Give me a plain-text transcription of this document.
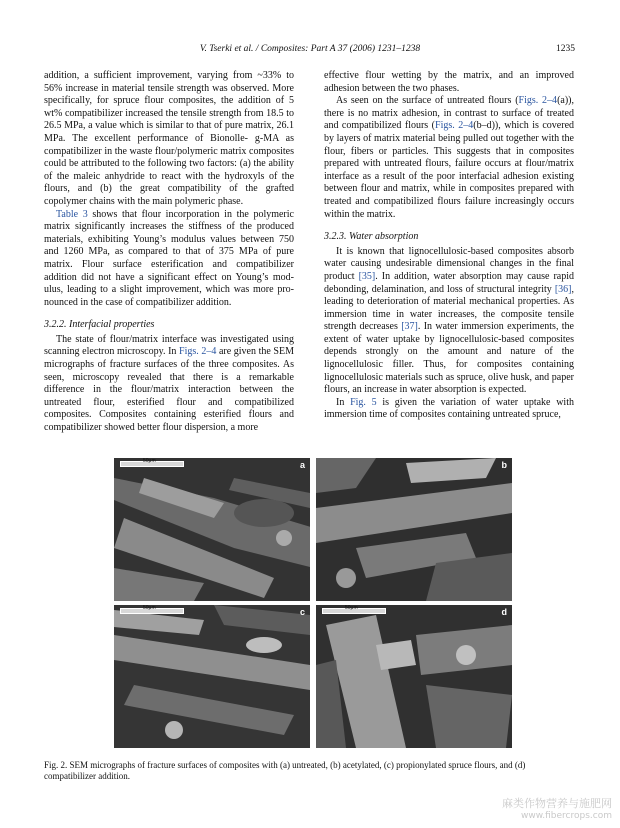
V. Tserki et al. / Composites: Part A 37 (2006) 1231–1238	1235

addition, a sufficient improvement, varying from ~33% to 56% increase in material tensile strength was observed. More specifically, for spruce flour composites, the addition of 5 wt% compatibilizer increased the tensile strength from 18.5 to 26.5 MPa, a value which is similar to that of pure matrix, 26.1 MPa. The excellent performance of Bionolle- g-MA as compatibilizer in the waste flour/polymeric matrix composites could be attributed to the following two factors: (a) the ability of the maleic anhydride to react with the hydroxyls of the flours, and (b) the great compatibility of the grafted copolymer chains with the main polymeric phase.

Table 3 shows that flour incorporation in the polymeric matrix significantly increases the stiffness of the produced materials, exhibiting Young’s modulus values between 750 and 1260 MPa, as compared to that of 375 MPa of pure matrix. Flour surface esterification and compatibilizer addition did not have a significant effect on Young’s mod- ulus, leading to a slight improvement, which was more pro- nounced in the case of compatibilizer addition.

3.2.2. Interfacial properties

The state of flour/matrix interface was investigated using scanning electron microscopy. In Figs. 2–4 are given the SEM micrographs of fracture surfaces of the three composites. As seen, microscopy revealed that there is a remarkable difference in the flour/matrix interaction between the untreated flour, esterified flour and compatibilized composites. Composites containing esterified flours and compatibilizer showed better flour dispersion, a more

effective flour wetting by the matrix, and an improved adhesion between the two phases.

As seen on the surface of untreated flours (Figs. 2–4(a)), there is no matrix adhesion, in contrast to surface of treated and compatibilized flours (Figs. 2–4(b–d)), which is covered by layers of matrix material being pulled out together with the flour, fibers or particles. This suggests that in composites prepared with untreated flours, failure occurs at flour/matrix interface as a result of the poor interfacial adhesion existing between flour and matrix, while in composites prepared with treated and compatibilized flours failure increasingly occurs within the matrix.

3.2.3. Water absorption

It is known that lignocellulosic-based composites absorb water causing undesirable dimensional changes in the final product [35]. In addition, water absorption may cause rapid debonding, delamination, and loss of structural integrity [36], leading to deterioration of material mechanical properties. As immersion time in water increases, the composite tensile strength decreases [37]. In water immersion experiments, the extent of water uptake by lignocellulosic-based composites depends strongly on the amount and nature of the lignocellulosic filler. Thus, for composites containing lignocellulosic materials such as spruce, olive husk, and paper flours, an increase in water absorption is expected.

In Fig. 5 is given the variation of water uptake with immersion time of composites containing untreated spruce,

50μm	a	b
50μm	c	50μm	d
Fig. 2. SEM micrographs of fracture surfaces of composites with (a) untreated, (b) acetylated, (c) propionylated spruce flours, and (d) compatibilizer addition.
麻类作物营养与施肥网
www.fibercrops.com
